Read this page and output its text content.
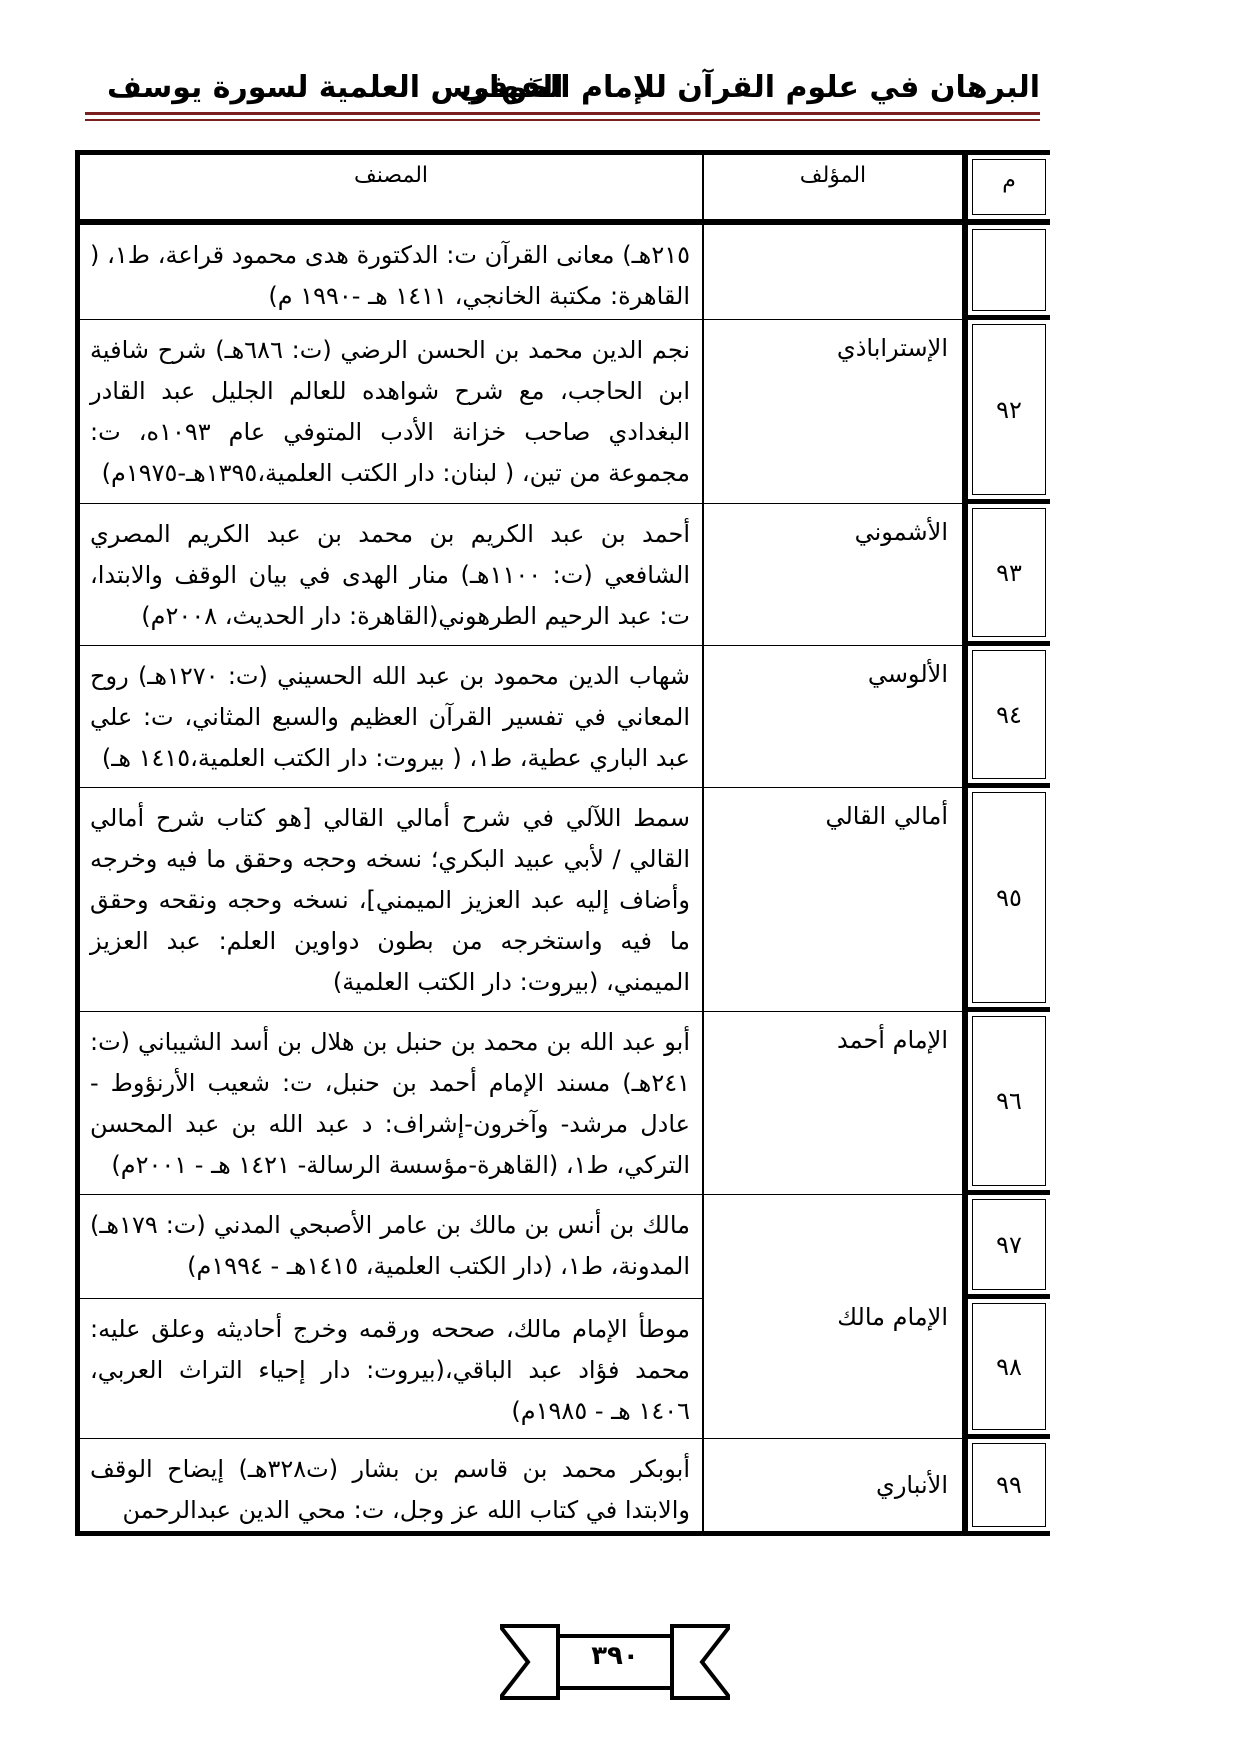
البرهان في علوم القرآن للإمام الحَوفي
الفهارس العلمية لسورة يوسف
م	المؤلف	المصنف

		٢١٥هـ) معانى القرآن ت: الدكتورة هدى محمود قراعة، ط١، ( القاهرة: مكتبة الخانجي، ١٤١١ هـ -١٩٩٠ م)

٩٢	الإستراباذي	نجم الدين محمد بن الحسن الرضي (ت: ٦٨٦هـ) شرح شافية ابن الحاجب، مع شرح شواهده للعالم الجليل عبد القادر البغدادي صاحب خزانة الأدب المتوفي عام ١٠٩٣ه، ت: مجموعة من تين، ( لبنان: دار الكتب العلمية،١٣٩٥هـ-١٩٧٥م)

٩٣	الأشموني	أحمد بن عبد الكريم بن محمد بن عبد الكريم المصري الشافعي (ت: ١١٠٠هـ) منار الهدى في بيان الوقف والابتدا، ت: عبد الرحيم الطرهوني(القاهرة: دار الحديث، ٢٠٠٨م)

٩٤	الألوسي	شهاب الدين محمود بن عبد الله الحسيني (ت: ١٢٧٠هـ) روح المعاني في تفسير القرآن العظيم والسبع المثاني، ت: علي عبد الباري عطية، ط١، ( بيروت: دار الكتب العلمية،١٤١٥ هـ)

٩٥	أمالي القالي	سمط اللآلي في شرح أمالي القالي [هو كتاب شرح أمالي القالي / لأبي عبيد البكري؛ نسخه وحجه وحقق ما فيه وخرجه وأضاف إليه عبد العزيز الميمني]، نسخه وحجه ونقحه وحقق ما فيه واستخرجه من بطون دواوين العلم: عبد العزيز الميمني، (بيروت: دار الكتب العلمية)

٩٦	الإمام أحمد	أبو عبد الله بن محمد بن حنبل بن هلال بن أسد الشيباني (ت: ٢٤١هـ) مسند الإمام أحمد بن حنبل، ت: شعيب الأرنؤوط - عادل مرشد- وآخرون-إشراف: د عبد الله بن عبد المحسن التركي، ط١، (القاهرة-مؤسسة الرسالة- ١٤٢١ هـ - ٢٠٠١م)

٩٧	الإمام مالك	مالك بن أنس بن مالك بن عامر الأصبحي المدني (ت: ١٧٩هـ) المدونة، ط١، (دار الكتب العلمية، ١٤١٥هـ - ١٩٩٤م)

٩٨		موطأ الإمام مالك، صححه ورقمه وخرج أحاديثه وعلق عليه: محمد فؤاد عبد الباقي،(بيروت: دار إحياء التراث العربي، ١٤٠٦ هـ - ١٩٨٥م)

٩٩	الأنباري	أبوبكر محمد بن قاسم بن بشار (ت٣٢٨هـ) إيضاح الوقف والابتدا في كتاب الله عز وجل، ت: محي الدين عبدالرحمن
٣٩٠
